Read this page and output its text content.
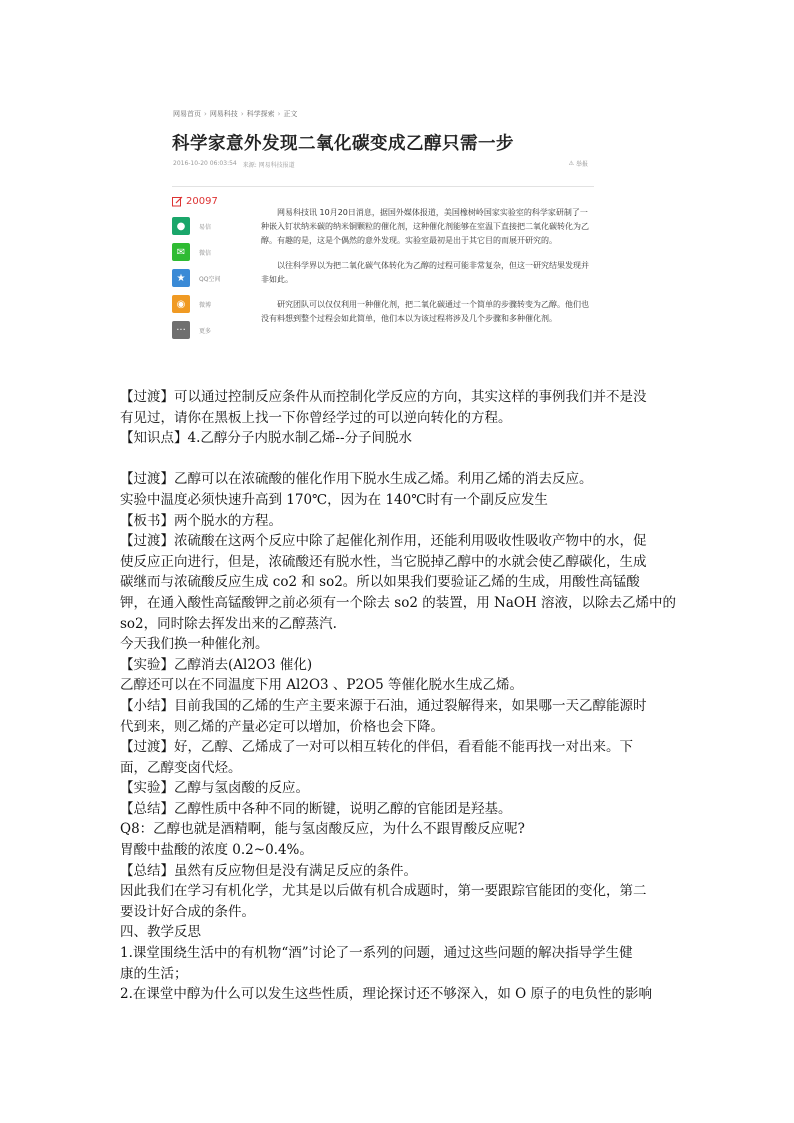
网易首页 › 网易科技 › 科学探索 › 正文
科学家意外发现二氧化碳变成乙醇只需一步
2016-10-20 06:03:54 来源: 网易科技报道	⚠ 举报
20097
●	易信
✉	微信
★	QQ空间
◉	微博
···	更多

网易科技讯 10月20日消息，据国外媒体报道，美国橡树岭国家实验室的科学家研制了一种嵌入钉状纳米碳的纳米铜颗粒的催化剂，这种催化剂能够在室温下直接把二氧化碳转化为乙醇。有趣的是，这是个偶然的意外发现。实验室最初是出于其它目的而展开研究的。

以往科学界以为把二氧化碳气体转化为乙醇的过程可能非常复杂，但这一研究结果发现并非如此。

研究团队可以仅仅利用一种催化剂，把二氧化碳通过一个简单的步骤转变为乙醇。他们也没有料想到整个过程会如此简单，他们本以为该过程将涉及几个步骤和多种催化剂。

【过渡】可以通过控制反应条件从而控制化学反应的方向，其实这样的事例我们并不是没

有见过，请你在黑板上找一下你曾经学过的可以逆向转化的方程。

【知识点】4.乙醇分子内脱水制乙烯--分子间脱水

【过渡】乙醇可以在浓硫酸的催化作用下脱水生成乙烯。利用乙烯的消去反应。

实验中温度必须快速升高到 170℃，因为在 140℃时有一个副反应发生

【板书】两个脱水的方程。

【过渡】浓硫酸在这两个反应中除了起催化剂作用，还能利用吸收性吸收产物中的水，促

使反应正向进行，但是，浓硫酸还有脱水性，当它脱掉乙醇中的水就会使乙醇碳化，生成

碳继而与浓硫酸反应生成 co2 和 so2。所以如果我们要验证乙烯的生成，用酸性高锰酸

钾，在通入酸性高锰酸钾之前必须有一个除去 so2 的装置，用 NaOH 溶液，以除去乙烯中的

so2，同时除去挥发出来的乙醇蒸汽.

今天我们换一种催化剂。

【实验】乙醇消去(Al2O3 催化)

乙醇还可以在不同温度下用 Al2O3 、P2O5 等催化脱水生成乙烯。

【小结】目前我国的乙烯的生产主要来源于石油，通过裂解得来，如果哪一天乙醇能源时

代到来，则乙烯的产量必定可以增加，价格也会下降。

【过渡】好，乙醇、乙烯成了一对可以相互转化的伴侣，看看能不能再找一对出来。下

面，乙醇变卤代烃。

【实验】乙醇与氢卤酸的反应。

【总结】乙醇性质中各种不同的断键，说明乙醇的官能团是羟基。

Q8：乙醇也就是酒精啊，能与氢卤酸反应，为什么不跟胃酸反应呢?

胃酸中盐酸的浓度 0.2~0.4%。

【总结】虽然有反应物但是没有满足反应的条件。

因此我们在学习有机化学，尤其是以后做有机合成题时，第一要跟踪官能团的变化，第二

要设计好合成的条件。

四、教学反思

1.课堂围绕生活中的有机物“酒”讨论了一系列的问题，通过这些问题的解决指导学生健

康的生活；

2.在课堂中醇为什么可以发生这些性质，理论探讨还不够深入，如 O 原子的电负性的影响
